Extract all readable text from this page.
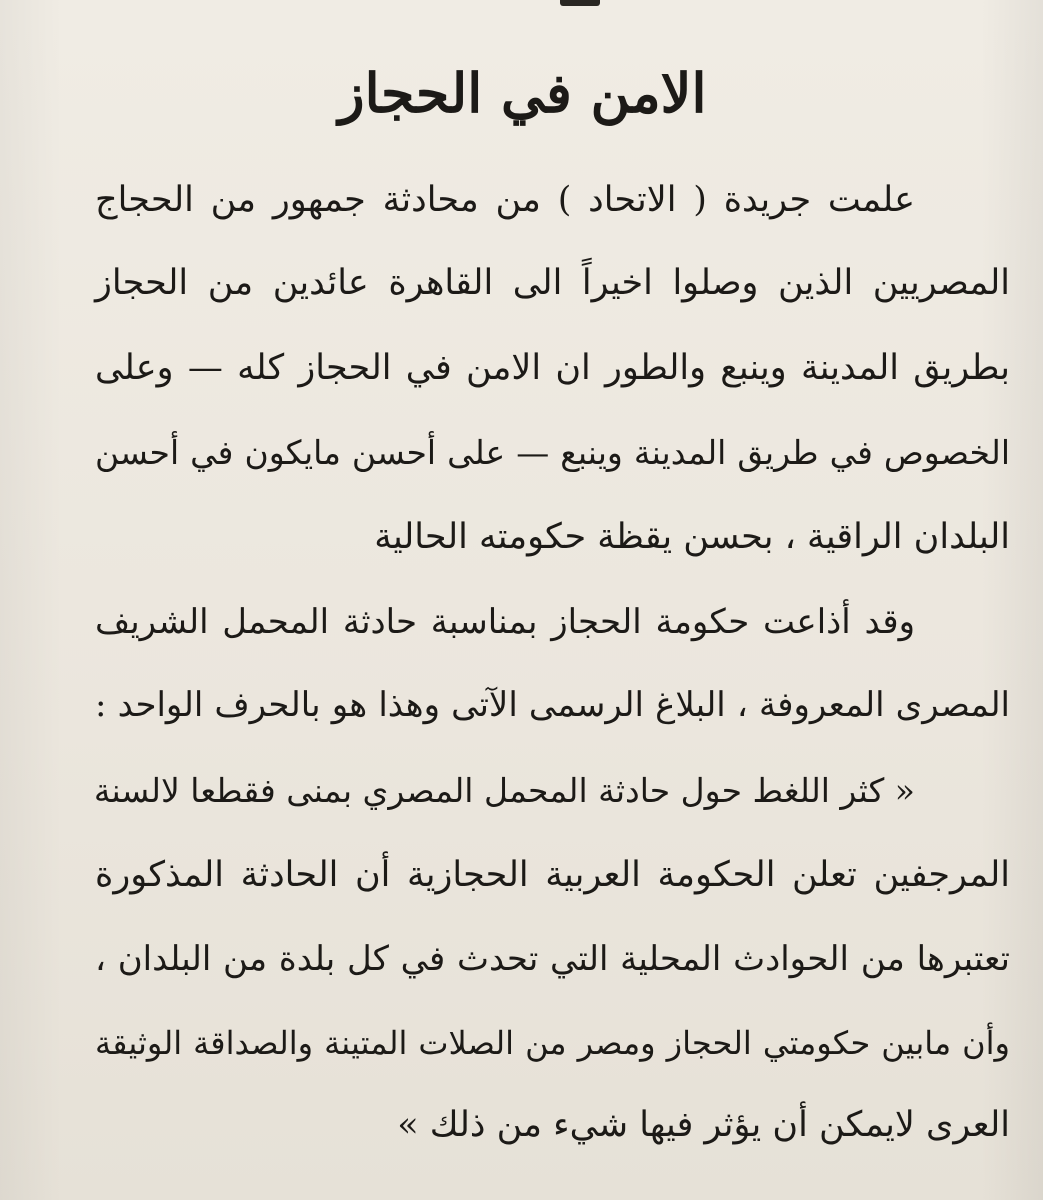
الامن في الحجاز
علمت جريدة ( الاتحاد ) من محادثة جمهور من الحجاج
المصريين الذين وصلوا اخيراً الى القاهرة عائدين من الحجاز
بطريق المدينة وينبع والطور ان الامن في الحجاز كله — وعلى
الخصوص في طريق المدينة وينبع — على أحسن مايكون في أحسن
البلدان الراقية ، بحسن يقظة حكومته الحالية
وقد أذاعت حكومة الحجاز بمناسبة حادثة المحمل الشريف
المصرى المعروفة ، البلاغ الرسمى الآتى وهذا هو بالحرف الواحد :
« كثر اللغط حول حادثة المحمل المصري بمنى فقطعا لالسنة
المرجفين تعلن الحكومة العربية الحجازية أن الحادثة المذكورة
تعتبرها من الحوادث المحلية التي تحدث في كل بلدة من البلدان ،
وأن مابين حكومتي الحجاز ومصر من الصلات المتينة والصداقة الوثيقة
العرى لايمكن أن يؤثر فيها شيء من ذلك »
